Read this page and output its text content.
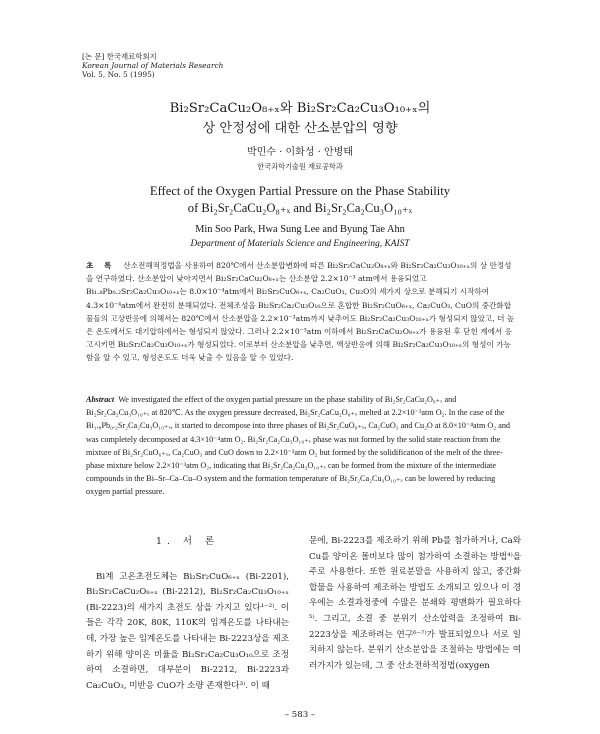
[논 문] 한국재료학회지
Korean Journal of Materials Research
Vol. 5, No. 5 (1995)
Bi₂Sr₂CaCu₂O₈₊ₓ와 Bi₂Sr₂Ca₂Cu₃O₁₀₊ₓ의
상 안정성에 대한 산소분압의 영향
박민수 · 이화성 · 안병태
한국과학기술원 재료공학과
Effect of the Oxygen Partial Pressure on the Phase Stability
of Bi₂Sr₂CaCu₂O₈₊ₓ and Bi₂Sr₂Ca₂Cu₃O₁₀₊ₓ
Min Soo Park, Hwa Sung Lee and Byung Tae Ahn
Department of Materials Science and Engineering, KAIST
초 록 산소전해적정법을 사용하여 820℃에서 산소분압변화에 따른 Bi₂Sr₂CaCu₂O₈₊ₓ와 Bi₂Sr₂Ca₂Cu₃O₁₀₊ₓ의 상 안정성을 연구하였다. 산소분압이 낮아지면서 Bi₂Sr₂CaCu₂O₈₊ₓ는 산소분압 2.2×10⁻³ atm에서 용융되었고 Bi₁.₈Pb₀.₂Sr₂Ca₂Cu₃O₁₀₊ₓ는 8.0×10⁻⁴atm에서 Bi₂Sr₂CuO₆₊ₓ, Ca₂CuO₃, Cu₂O의 세가지 상으로 분해되기 시작하여 4.3×10⁻⁴atm에서 완전히 분해되었다. 전체조성을 Bi₂Sr₂Ca₂Cu₃O₁₀으로 혼합한 Bi₂Sr₂CuO₆₊ₓ, Ca₂CuO₃, CuO의 중간화합물들의 고상반응에 의해서는 820℃에서 산소분압을 2.2×10⁻³atm까지 낮추어도 Bi₂Sr₂Ca₂Cu₃O₁₀₊ₓ가 형성되지 않았고, 더 높은 온도에서도 대기압하에서는 형성되지 않았다. 그러나 2.2×10⁻³atm 이하에서 Bi₂Sr₂CaCu₂O₈₊ₓ가 용융된 후 닫힌 계에서 응고시키면 Bi₂Sr₂Ca₂Cu₃O₁₀₊ₓ가 형성되었다. 이로부터 산소분압을 낮추면, 액상반응에 의해 Bi₂Sr₂Ca₂Cu₃O₁₀₊ₓ의 형성이 가능함을 알 수 있고, 형성온도도 더욱 낮출 수 있음을 알 수 있었다.
Abstract We investigated the effect of the oxygen partial pressure on the phase stability of Bi₂Sr₂CaCu₂O₈₊ₓ and Bi₂Sr₂Ca₂Cu₃O₁₀₊ₓ at 820℃. As the oxygen pressure decreased, Bi₂Sr₂CaCu₂O₈₊ₓ melted at 2.2×10⁻³atm O₂. In the case of the Bi₁.₈Pb₀.₂Sr₂Ca₂Cu₃O₁₀₊ₓ, it started to decompose into three phases of Bi₂Sr₂CuO₆₊ₓ, Ca₂CuO₃ and Cu₂O at 8.0×10⁻⁴atm O₂ and was completely decomposed at 4.3×10⁻⁴atm O₂. Bi₂Sr₂Ca₂Cu₃O₁₀₊ₓ phase was not formed by the solid state reaction from the mixture of Bi₂Sr₂CuO₆₊ₓ, Ca₂CuO₃ and CuO down to 2.2×10⁻³atm O₂ but formed by the solidification of the melt of the three-phase mixture below 2.2×10⁻³atm O₂, indicating that Bi₂Sr₂Ca₂Cu₃O₁₀₊ₓ can be formed from the mixture of the intermediate compounds in the Bi–Sr–Ca–Cu–O system and the formation temperature of Bi₂Sr₂Ca₂Cu₃O₁₀₊ₓ can be lowered by reducing oxygen partial pressure.
1. 서 론
Bi계 고온초전도체는 Bi₂Sr₂CuO₆₊ₓ (Bi-2201), Bi₂Sr₂CaCu₂O₈₊ₓ (Bi-2212), Bi₂Sr₂Ca₂Cu₃O₁₀₊ₓ (Bi-2223)의 세가지 초전도 상을 가지고 있다¹⁻²⁾. 이들은 각각 20K, 80K, 110K의 임계온도를 나타내는데, 가장 높은 임계온도를 나타내는 Bi-2223상을 제조하기 위해 양이온 비율을 Bi₂Sr₂Ca₂Cu₃O₁₀으로 조정하여 소결하면, 대부분이 Bi-2212, Bi-2223과 Ca₂CuO₃, 미반응 CuO가 소량 존재한다³⁾. 이 때
문에, Bi-2223를 제조하기 위해 Pb를 첨가하거나, Ca와 Cu를 양이온 몰비보다 많이 첨가하여 소결하는 방법⁴⁾을 주로 사용한다. 또한 원료분말을 사용하지 않고, 중간화합물을 사용하여 제조하는 방법도 소개되고 있으나 이 경우에는 소결과정중에 수많은 분쇄와 평맨화가 필요하다⁵⁾. 그리고, 소결 중 분위기 산소압력을 조정하여 Bi-2223상을 제조하려는 연구⁶⁻⁷⁾가 발표되었으나 서로 일치하지 않는다. 분위기 산소분압을 조절하는 방법에는 여러가지가 있는데, 그 중 산소전하적정법(oxygen
– 583 –
